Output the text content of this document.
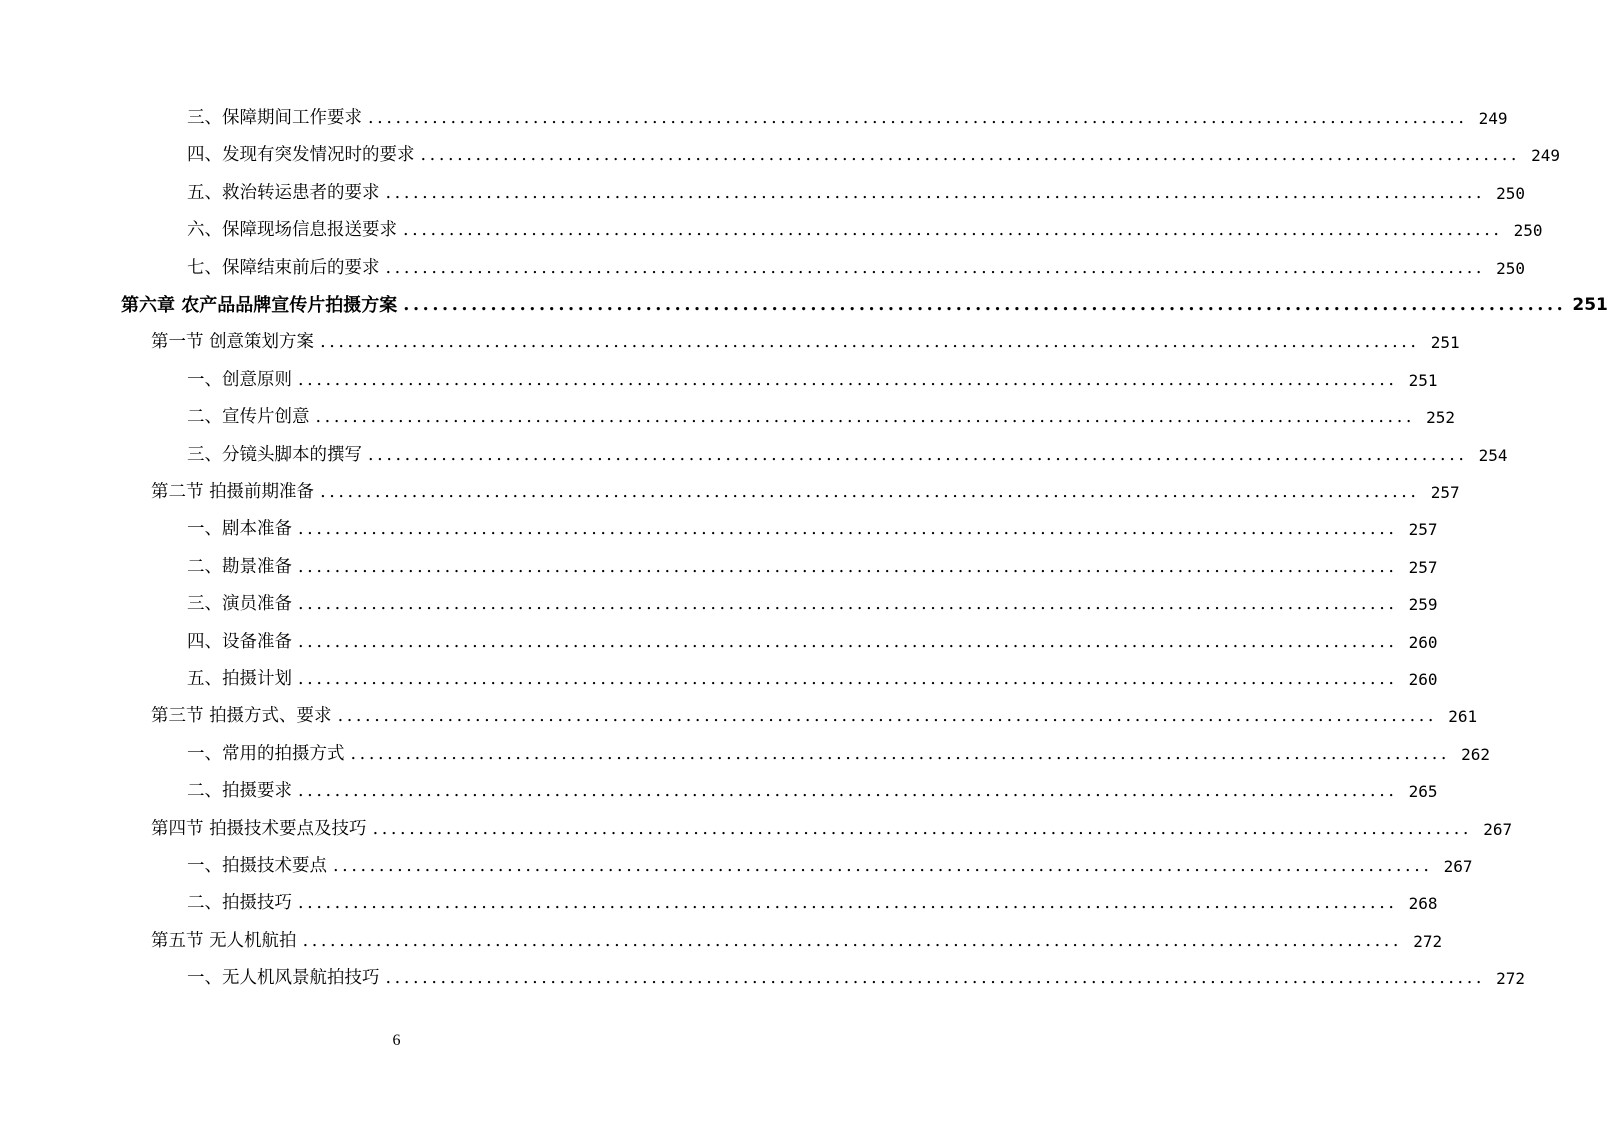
三、保障期间工作要求 ........................................................................................................................ 249
四、发现有突发情况时的要求 ........................................................................................................................ 249
五、救治转运患者的要求 ........................................................................................................................ 250
六、保障现场信息报送要求 ........................................................................................................................ 250
七、保障结束前后的要求 ........................................................................................................................ 250
第六章 农产品品牌宣传片拍摄方案 ........................................................................................................................ 251
第一节 创意策划方案 ........................................................................................................................ 251
一、创意原则 ........................................................................................................................ 251
二、宣传片创意 ........................................................................................................................ 252
三、分镜头脚本的撰写 ........................................................................................................................ 254
第二节 拍摄前期准备 ........................................................................................................................ 257
一、剧本准备 ........................................................................................................................ 257
二、勘景准备 ........................................................................................................................ 257
三、演员准备 ........................................................................................................................ 259
四、设备准备 ........................................................................................................................ 260
五、拍摄计划 ........................................................................................................................ 260
第三节 拍摄方式、要求 ........................................................................................................................ 261
一、常用的拍摄方式 ........................................................................................................................ 262
二、拍摄要求 ........................................................................................................................ 265
第四节 拍摄技术要点及技巧 ........................................................................................................................ 267
一、拍摄技术要点 ........................................................................................................................ 267
二、拍摄技巧 ........................................................................................................................ 268
第五节 无人机航拍 ........................................................................................................................ 272
一、无人机风景航拍技巧 ........................................................................................................................ 272
6
